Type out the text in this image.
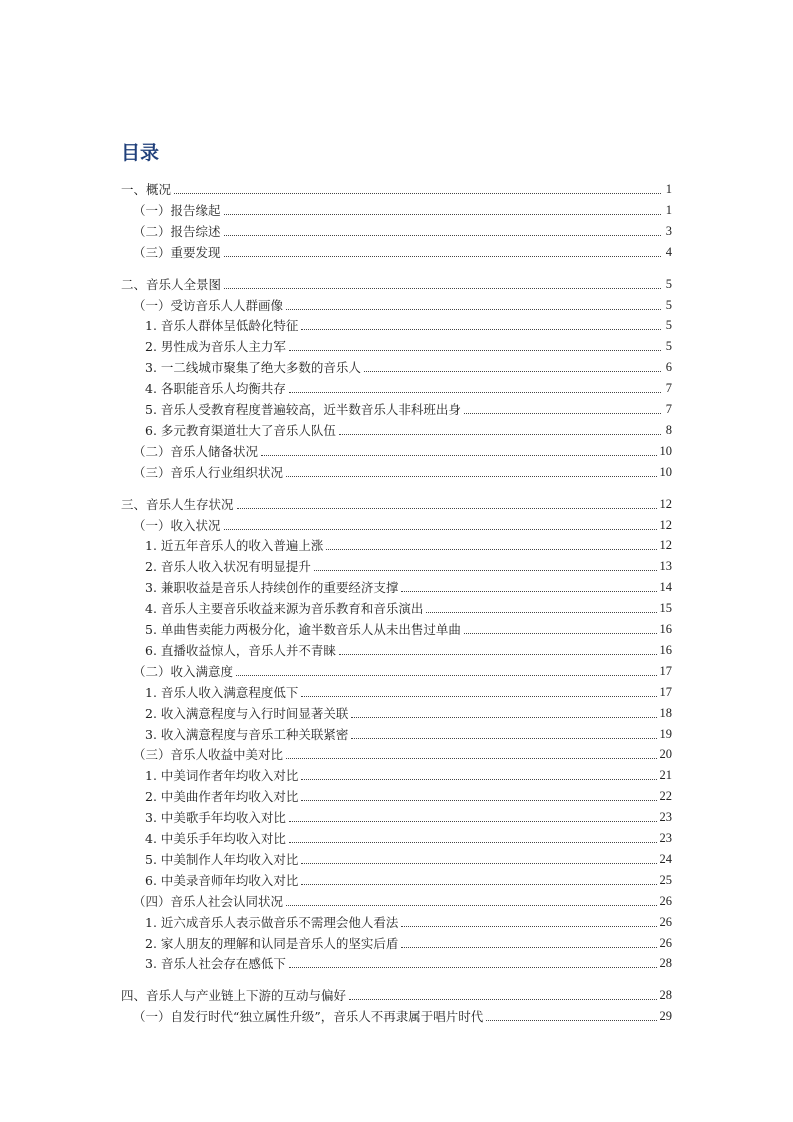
目录
一、概况	1
（一）报告缘起	1
（二）报告综述	3
（三）重要发现	4
二、音乐人全景图	5
（一）受访音乐人人群画像	5
1. 音乐人群体呈低龄化特征	5
2. 男性成为音乐人主力军	5
3. 一二线城市聚集了绝大多数的音乐人	6
4. 各职能音乐人均衡共存	7
5. 音乐人受教育程度普遍较高，近半数音乐人非科班出身	7
6. 多元教育渠道壮大了音乐人队伍	8
（二）音乐人储备状况	10
（三）音乐人行业组织状况	10
三、音乐人生存状况	12
（一）收入状况	12
1. 近五年音乐人的收入普遍上涨	12
2. 音乐人收入状况有明显提升	13
3. 兼职收益是音乐人持续创作的重要经济支撑	14
4. 音乐人主要音乐收益来源为音乐教育和音乐演出	15
5. 单曲售卖能力两极分化，逾半数音乐人从未出售过单曲	16
6. 直播收益惊人，音乐人并不青睐	16
（二）收入满意度	17
1. 音乐人收入满意程度低下	17
2. 收入满意程度与入行时间显著关联	18
3. 收入满意程度与音乐工种关联紧密	19
（三）音乐人收益中美对比	20
1. 中美词作者年均收入对比	21
2. 中美曲作者年均收入对比	22
3. 中美歌手年均收入对比	23
4. 中美乐手年均收入对比	23
5. 中美制作人年均收入对比	24
6. 中美录音师年均收入对比	25
（四）音乐人社会认同状况	26
1. 近六成音乐人表示做音乐不需理会他人看法	26
2. 家人朋友的理解和认同是音乐人的坚实后盾	26
3. 音乐人社会存在感低下	28
四、音乐人与产业链上下游的互动与偏好	28
（一）自发行时代“独立属性升级”，音乐人不再隶属于唱片时代	29
